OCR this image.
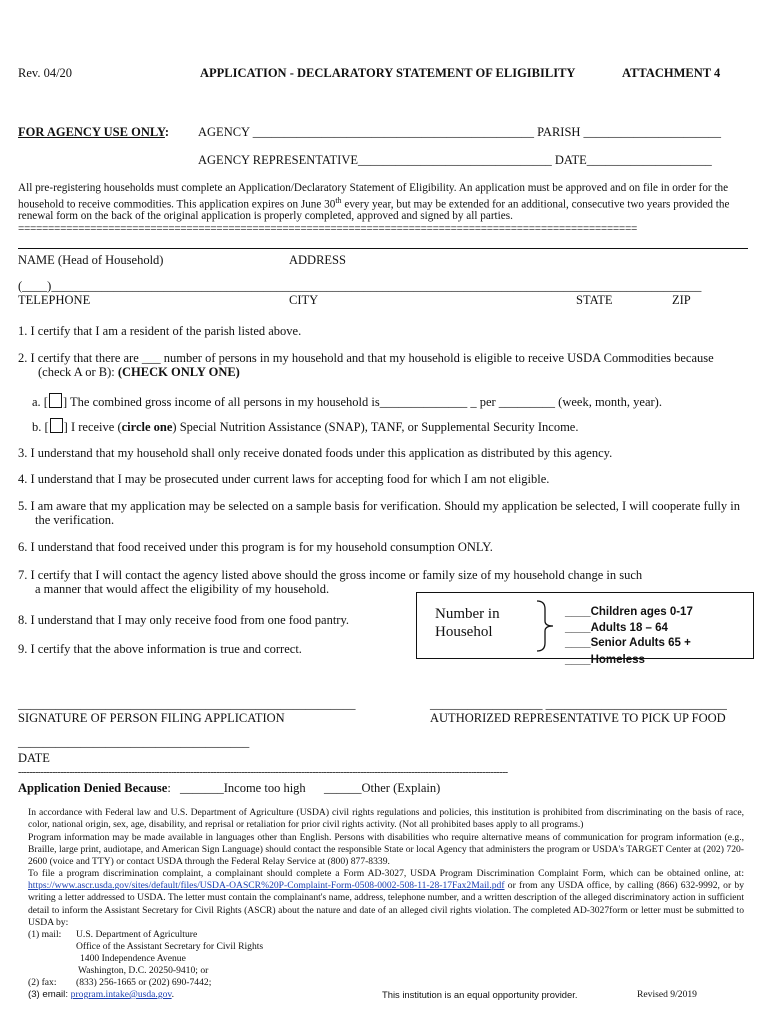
Rev. 04/20	APPLICATION - DECLARATORY STATEMENT OF ELIGIBILITY	ATTACHMENT 4
FOR AGENCY USE ONLY: AGENCY _____________________________________________ PARISH ______________________
AGENCY REPRESENTATIVE_______________________________ DATE____________________
All pre-registering households must complete an Application/Declaratory Statement of Eligibility. An application must be approved and on file in order for the
household to receive commodities. This application expires on June 30th every year, but may be extended for an additional, consecutive two years provided the
renewal form on the back of the original application is properly completed, approved and signed by all parties.
=======================================================================================================
NAME (Head of Household)	ADDRESS
(____)________________________________________________________________________________________________________
TELEPHONE	CITY	STATE	ZIP
1. I certify that I am a resident of the parish listed above.
2. I certify that there are ___ number of persons in my household and that my household is eligible to receive USDA Commodities because
(check A or B): (CHECK ONLY ONE)
a. [ ] The combined gross income of all persons in my household is______________ _ per _________ (week, month, year).
b. [ ] I receive (circle one) Special Nutrition Assistance (SNAP), TANF, or Supplemental Security Income.
3. I understand that my household shall only receive donated foods under this application as distributed by this agency.
4. I understand that I may be prosecuted under current laws for accepting food for which I am not eligible.
5. I am aware that my application may be selected on a sample basis for verification. Should my application be selected, I will cooperate fully in
the verification.
6. I understand that food received under this program is for my household consumption ONLY.
7. I certify that I will contact the agency listed above should the gross income or family size of my household change in such
a manner that would affect the eligibility of my household.
8. I understand that I may only receive food from one food pantry.
9. I certify that the above information is true and correct.
Number in Househol
____Children ages 0-17
____Adults 18 – 64
____Senior Adults 65 +
____Homeless
______________________________________________________	__________________ _____________________________
SIGNATURE OF PERSON FILING APPLICATION	AUTHORIZED REPRESENTATIVE TO PICK UP FOOD
_____________________________________
DATE
-----------------------------------------------------------------------------------------------------------------------------------------------------------------------------
Application Denied Because: _______Income too high ______Other (Explain)
In accordance with Federal law and U.S. Department of Agriculture (USDA) civil rights regulations and policies, this institution is prohibited from discriminating on the basis of race, color, national origin, sex, age, disability, and reprisal or retaliation for prior civil rights activity. (Not all prohibited bases apply to all programs.)
Program information may be made available in languages other than English. Persons with disabilities who require alternative means of communication for program information (e.g., Braille, large print, audiotape, and American Sign Language) should contact the responsible State or local Agency that administers the program or USDA's TARGET Center at (202) 720-2600 (voice and TTY) or contact USDA through the Federal Relay Service at (800) 877-8339.
To file a program discrimination complaint, a complainant should complete a Form AD-3027, USDA Program Discrimination Complaint Form, which can be obtained online, at: https://www.ascr.usda.gov/sites/default/files/USDA-OASCR%20P-Complaint-Form-0508-0002-508-11-28-17Fax2Mail.pdf or from any USDA office, by calling (866) 632-9992, or by writing a letter addressed to USDA. The letter must contain the complainant's name, address, telephone number, and a written description of the alleged discriminatory action in sufficient detail to inform the Assistant Secretary for Civil Rights (ASCR) about the nature and date of an alleged civil rights violation. The completed AD-3027form or letter must be submitted to USDA by:
(1) mail: U.S. Department of Agriculture
Office of the Assistant Secretary for Civil Rights
1400 Independence Avenue
Washington, D.C. 20250-9410; or
(2) fax: (833) 256-1665 or (202) 690-7442;
(3) email: program.intake@usda.gov.	This institution is an equal opportunity provider.	Revised 9/2019
